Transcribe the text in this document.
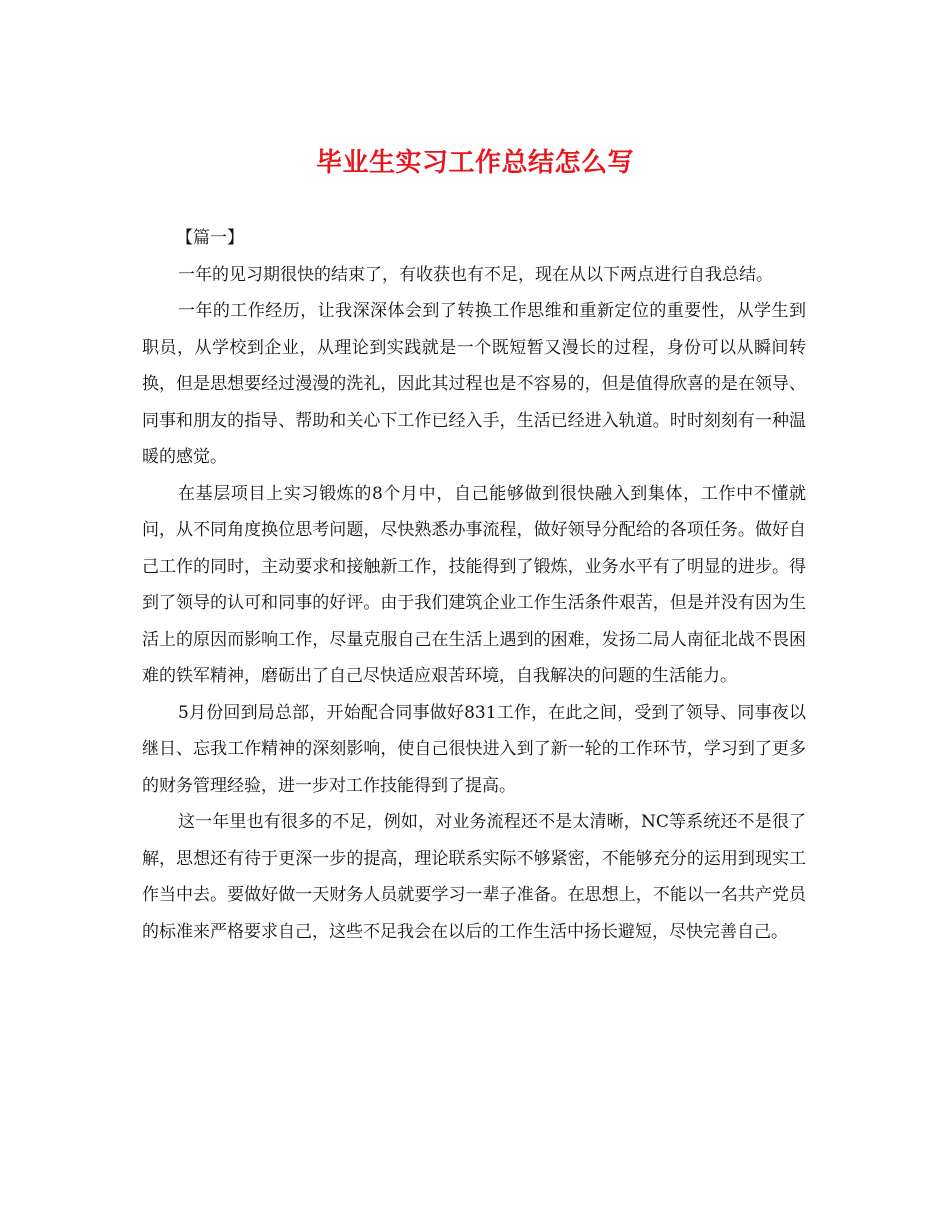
毕业生实习工作总结怎么写

【篇一】

一年的见习期很快的结束了，有收获也有不足，现在从以下两点进行自我总结。

一年的工作经历，让我深深体会到了转换工作思维和重新定位的重要性，从学生到职员，从学校到企业，从理论到实践就是一个既短暂又漫长的过程，身份可以从瞬间转换，但是思想要经过漫漫的洗礼，因此其过程也是不容易的，但是值得欣喜的是在领导、同事和朋友的指导、帮助和关心下工作已经入手，生活已经进入轨道。时时刻刻有一种温暖的感觉。

在基层项目上实习锻炼的8个月中，自己能够做到很快融入到集体，工作中不懂就问，从不同角度换位思考问题，尽快熟悉办事流程，做好领导分配给的各项任务。做好自己工作的同时，主动要求和接触新工作，技能得到了锻炼，业务水平有了明显的进步。得到了领导的认可和同事的好评。由于我们建筑企业工作生活条件艰苦，但是并没有因为生活上的原因而影响工作，尽量克服自己在生活上遇到的困难，发扬二局人南征北战不畏困难的铁军精神，磨砺出了自己尽快适应艰苦环境，自我解决的问题的生活能力。

5月份回到局总部，开始配合同事做好831工作，在此之间，受到了领导、同事夜以继日、忘我工作精神的深刻影响，使自己很快进入到了新一轮的工作环节，学习到了更多的财务管理经验，进一步对工作技能得到了提高。

这一年里也有很多的不足，例如，对业务流程还不是太清晰，NC等系统还不是很了解，思想还有待于更深一步的提高，理论联系实际不够紧密，不能够充分的运用到现实工作当中去。要做好做一天财务人员就要学习一辈子准备。在思想上，不能以一名共产党员的标准来严格要求自己，这些不足我会在以后的工作生活中扬长避短，尽快完善自己。
